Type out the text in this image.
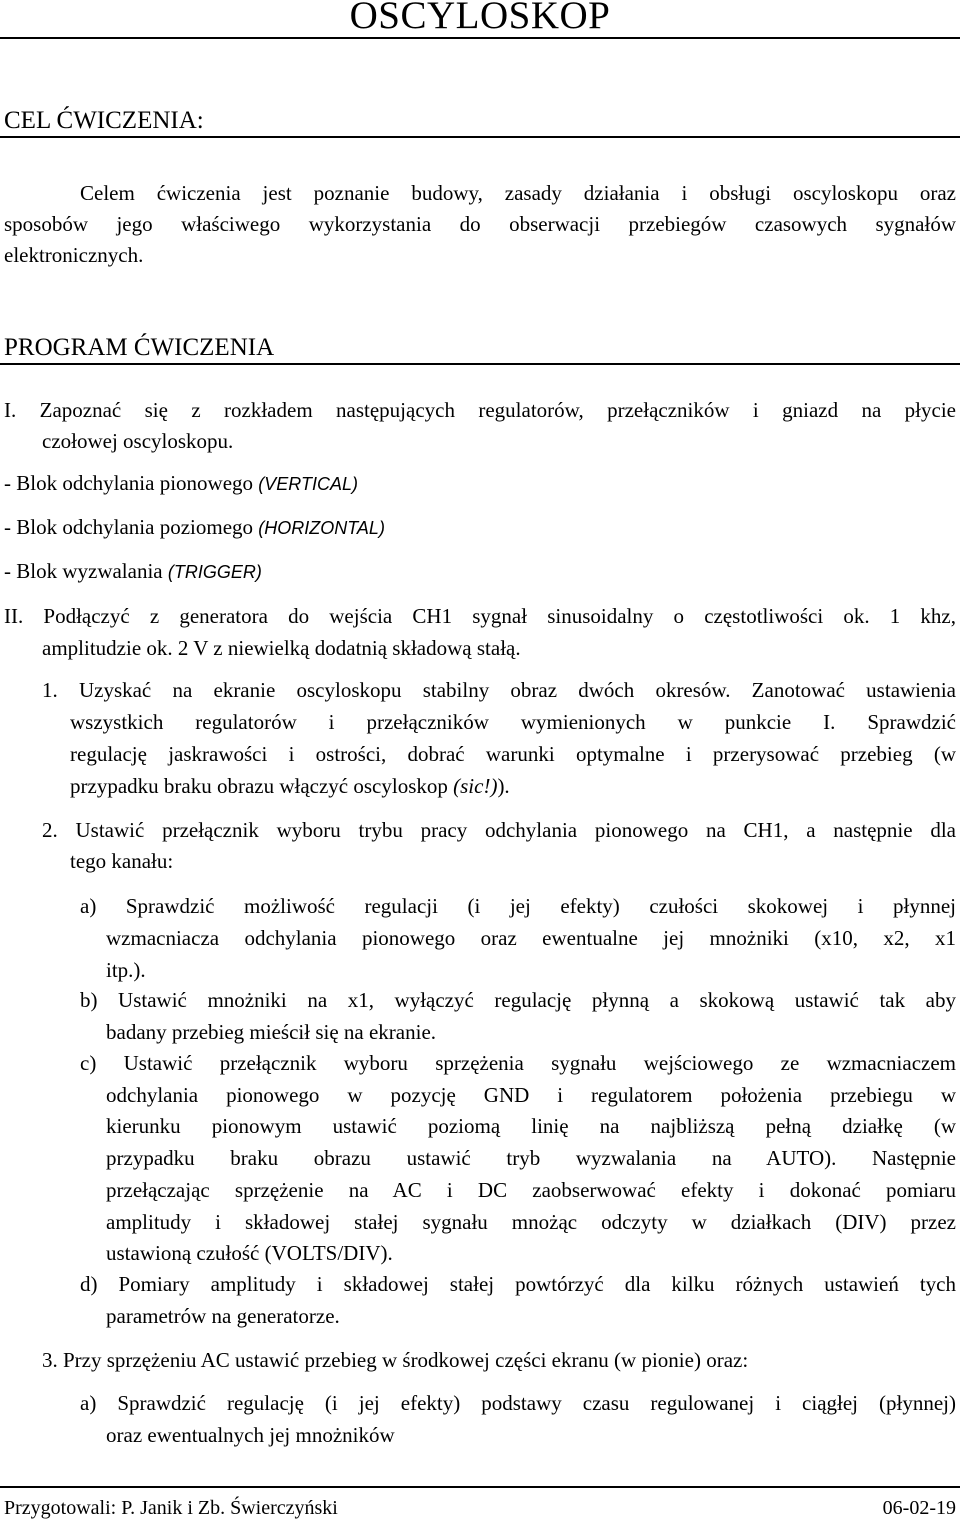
OSCYLOSKOP
CEL ĆWICZENIA:
Celem ćwiczenia jest poznanie budowy, zasady działania i obsługi oscyloskopu oraz
sposobów jego właściwego wykorzystania do obserwacji przebiegów czasowych sygnałów
elektronicznych.
PROGRAM ĆWICZENIA
I. Zapoznać się z rozkładem następujących regulatorów, przełączników i gniazd na płycie
czołowej oscyloskopu.
- Blok odchylania pionowego (VERTICAL)
- Blok odchylania poziomego (HORIZONTAL)
- Blok wyzwalania (TRIGGER)
II. Podłączyć z generatora do wejścia CH1 sygnał sinusoidalny o częstotliwości ok. 1 khz,
amplitudzie ok. 2 V z niewielką dodatnią składową stałą.
1. Uzyskać na ekranie oscyloskopu stabilny obraz dwóch okresów. Zanotować ustawienia
wszystkich regulatorów i przełączników wymienionych w punkcie I. Sprawdzić
regulację jaskrawości i ostrości, dobrać warunki optymalne i przerysować przebieg (w
przypadku braku obrazu włączyć oscyloskop (sic!)).
2. Ustawić przełącznik wyboru trybu pracy odchylania pionowego na CH1, a następnie dla
tego kanału:
a) Sprawdzić możliwość regulacji (i jej efekty) czułości skokowej i płynnej
wzmacniacza odchylania pionowego oraz ewentualne jej mnożniki (x10, x2, x1
itp.).
b) Ustawić mnożniki na x1, wyłączyć regulację płynną a skokową ustawić tak aby
badany przebieg mieścił się na ekranie.
c) Ustawić przełącznik wyboru sprzężenia sygnału wejściowego ze wzmacniaczem
odchylania pionowego w pozycję GND i regulatorem położenia przebiegu w
kierunku pionowym ustawić poziomą linię na najbliższą pełną działkę (w
przypadku braku obrazu ustawić tryb wyzwalania na AUTO). Następnie
przełączając sprzężenie na AC i DC zaobserwować efekty i dokonać pomiaru
amplitudy i składowej stałej sygnału mnożąc odczyty w działkach (DIV) przez
ustawioną czułość (VOLTS/DIV).
d) Pomiary amplitudy i składowej stałej powtórzyć dla kilku różnych ustawień tych
parametrów na generatorze.
3. Przy sprzężeniu AC ustawić przebieg w środkowej części ekranu (w pionie) oraz:
a) Sprawdzić regulację (i jej efekty) podstawy czasu regulowanej i ciągłej (płynnej)
oraz ewentualnych jej mnożników
Przygotowali: P. Janik i Zb. Świerczyński	06-02-19
